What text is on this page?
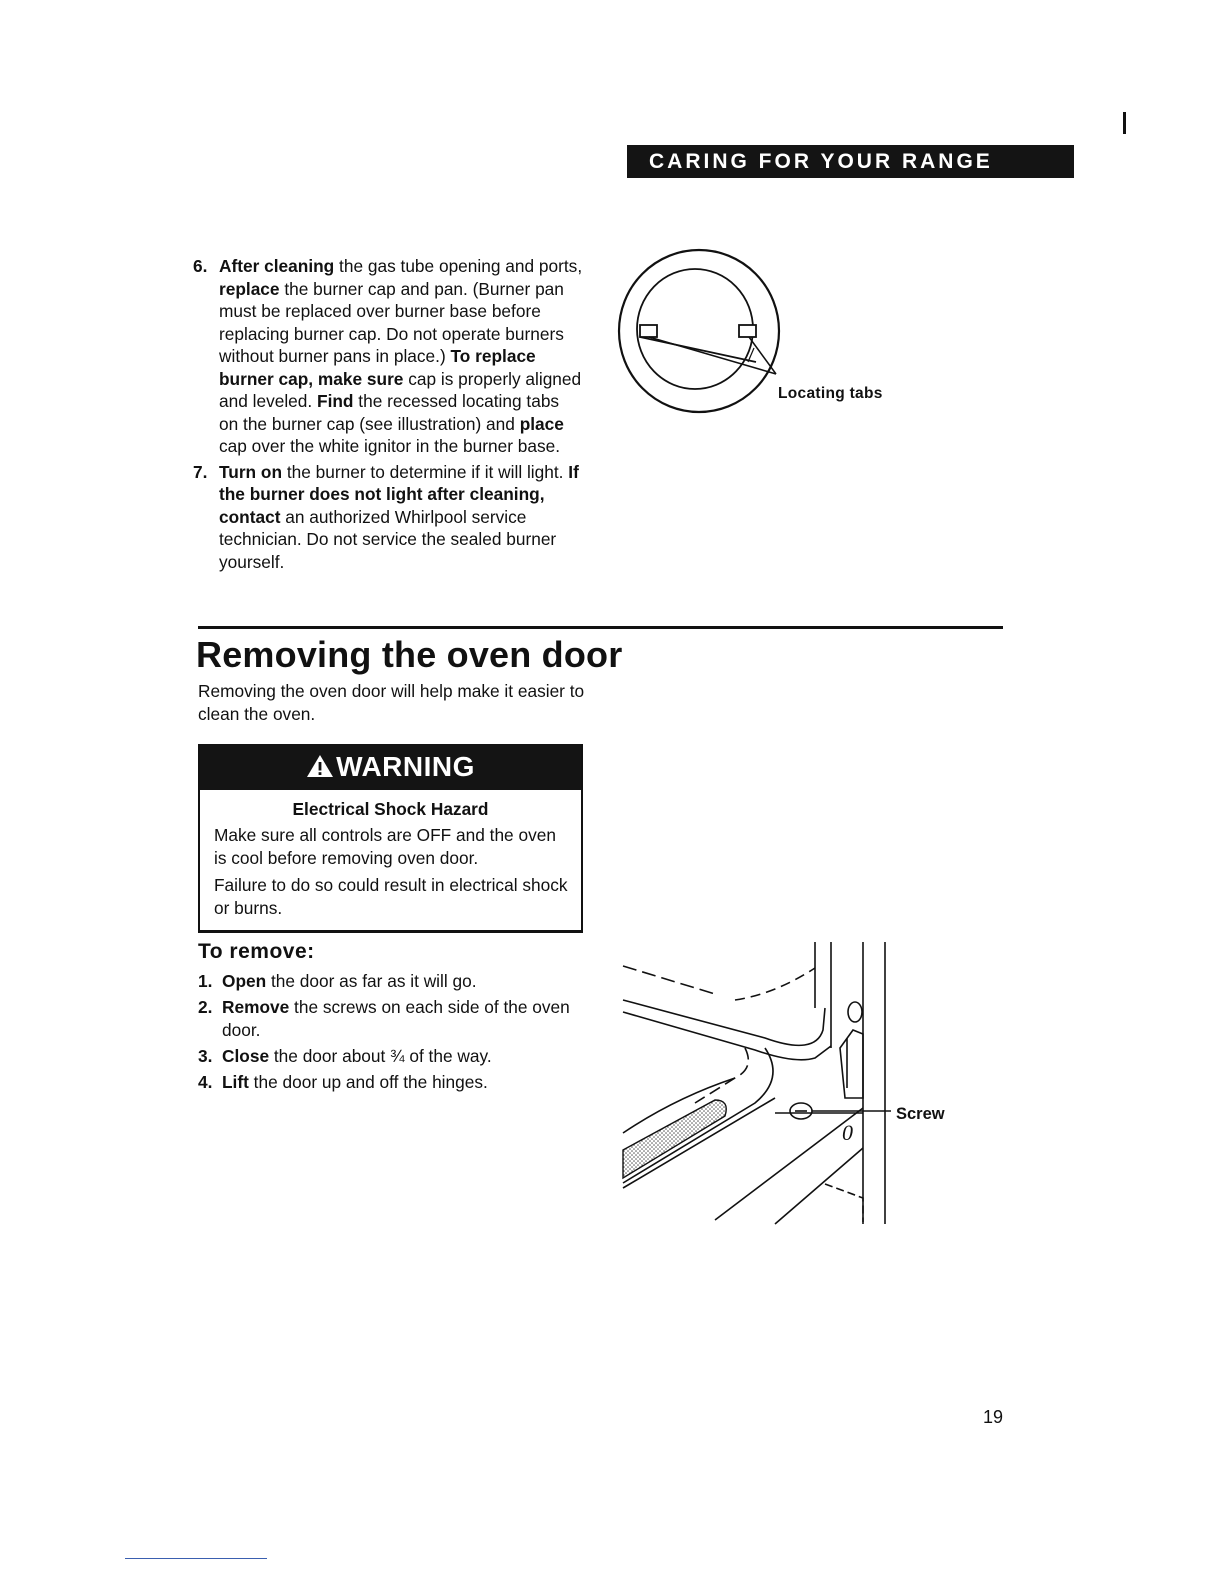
CARING FOR YOUR RANGE
6. After cleaning the gas tube opening and ports, replace the burner cap and pan. (Burner pan must be replaced over burner base before replacing burner cap. Do not operate burners without burner pans in place.) To replace burner cap, make sure cap is properly aligned and leveled. Find the recessed locating tabs on the burner cap (see illustration) and place cap over the white ignitor in the burner base.
7. Turn on the burner to determine if it will light. If the burner does not light after cleaning, contact an authorized Whirlpool service technician. Do not service the sealed burner yourself.
Locating tabs
Removing the oven door

Removing the oven door will help make it easier to clean the oven.

WARNING
Electrical Shock Hazard

Make sure all controls are OFF and the oven is cool before removing oven door.

Failure to do so could result in electrical shock or burns.

To remove:
1. Open the door as far as it will go.
2. Remove the screws on each side of the oven door.
3. Close the door about ¾ of the way.
4. Lift the door up and off the hinges.
0
Screw
19
